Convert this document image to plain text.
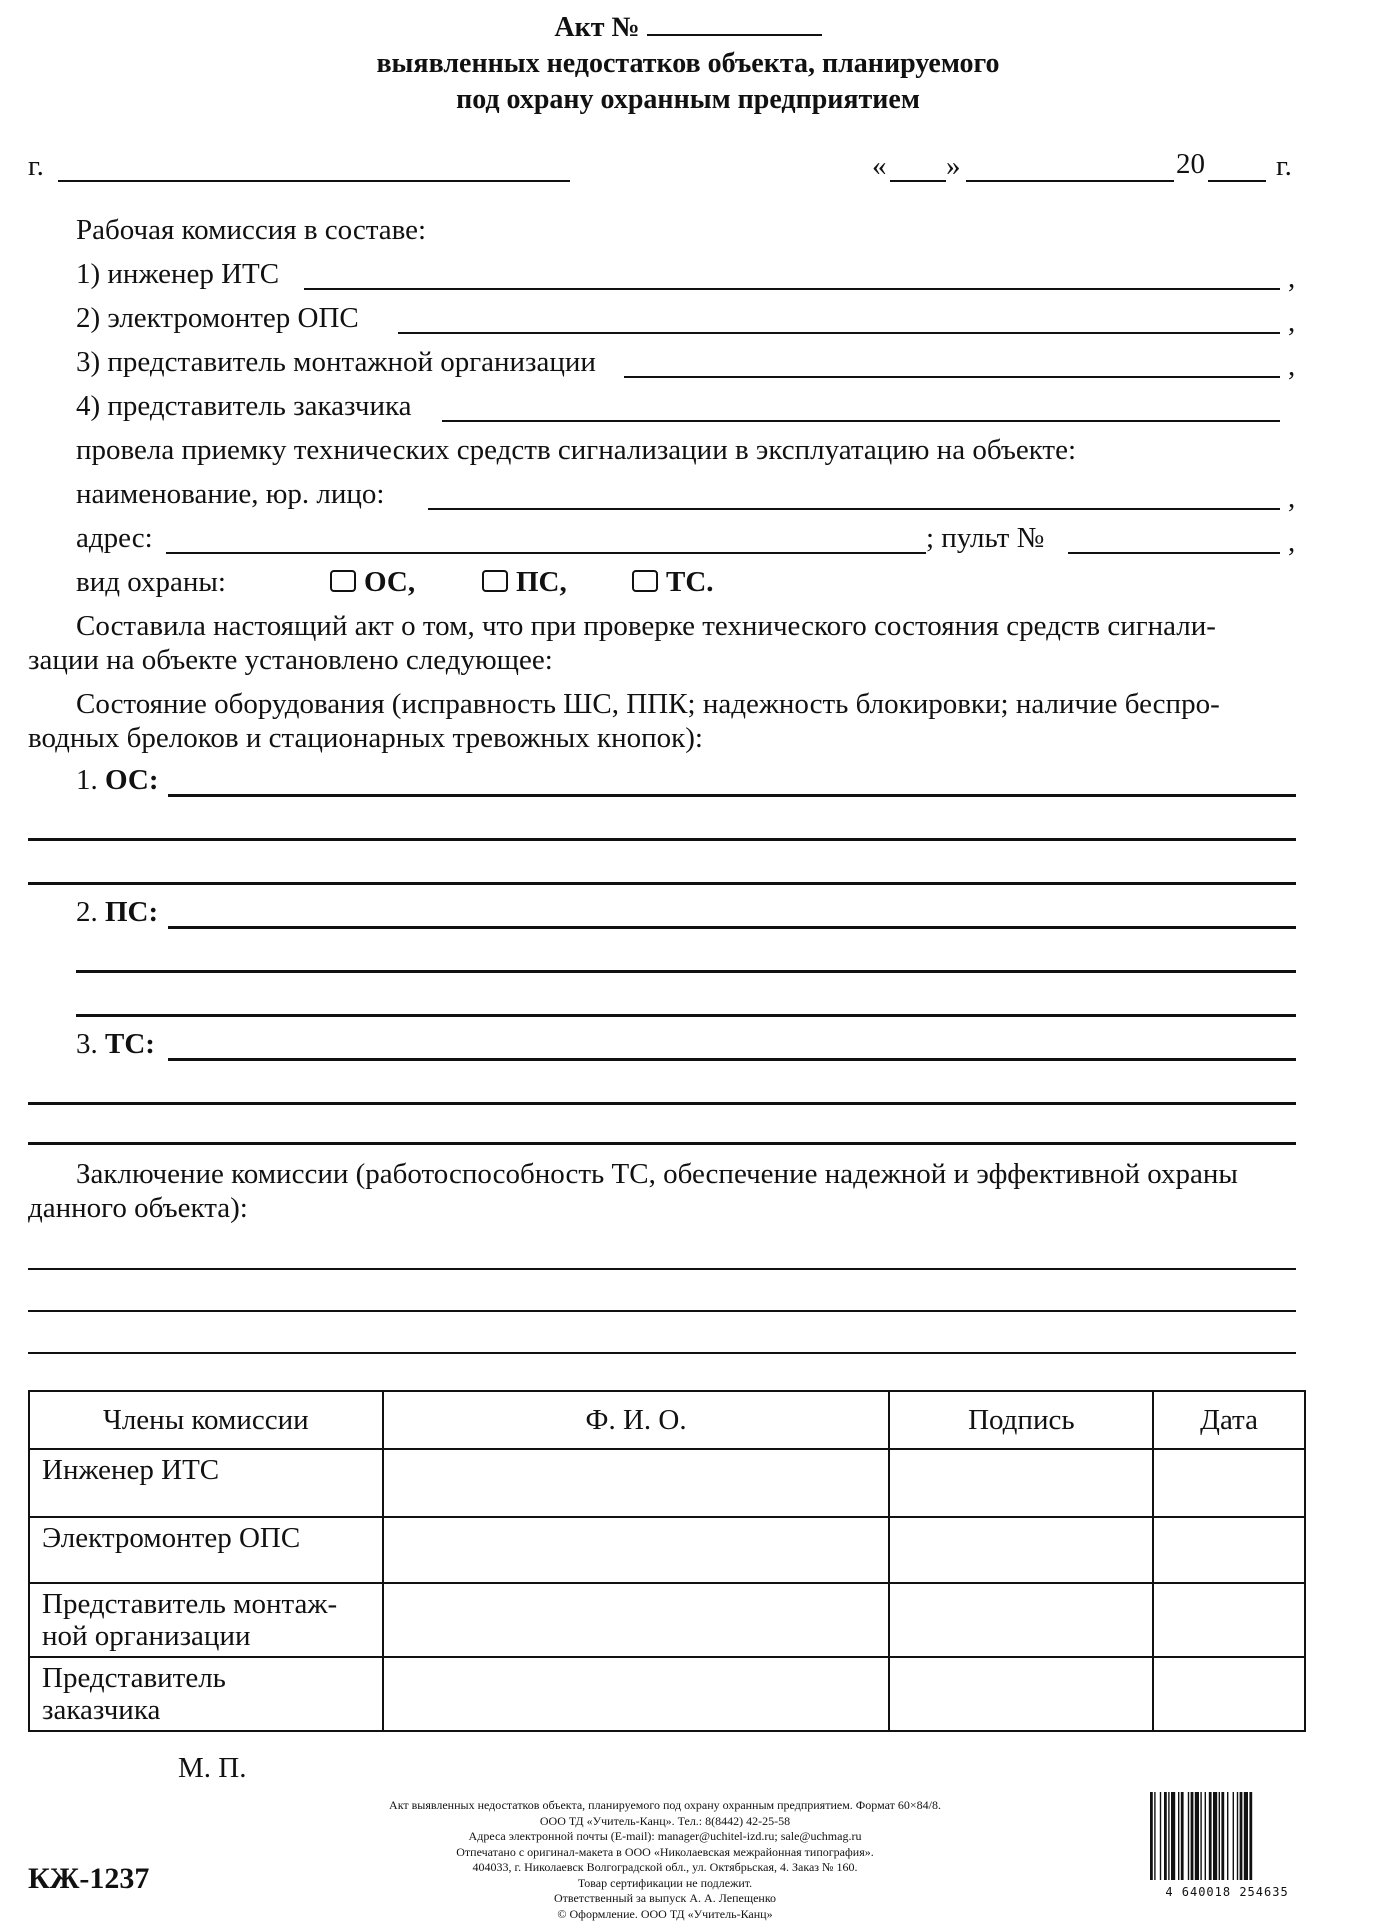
Акт №
выявленных недостатков объекта, планируемого
под охрану охранным предприятием
г.	« »	20 г.
Рабочая комиссия в составе:
1) инженер ИТС	,
2) электромонтер ОПС	,
3) представитель монтажной организации	,
4) представитель заказчика
провела приемку технических средств сигнализации в эксплуатацию на объекте:
наименование, юр. лицо:	,
адрес:	; пульт №	,
вид охраны:	ОС,	ПС,	ТС.
Составила настоящий акт о том, что при проверке технического состояния средств сигнали-
зации на объекте установлено следующее:
Состояние оборудования (исправность ШС, ППК; надежность блокировки; наличие беспро-
водных брелоков и стационарных тревожных кнопок):
1. ОС:
2. ПС:
3. ТС:
Заключение комиссии (работоспособность ТС, обеспечение надежной и эффективной охраны
данного объекта):
Члены комиссии	Ф. И. О.	Подпись	Дата

Инженер ИТС			

Электромонтер ОПС			

Представитель монтаж-
ной организации			

Представитель
заказчика			

М. П.
КЖ-1237
Акт выявленных недостатков объекта, планируемого под охрану охранным предприятием. Формат 60×84/8.
ООО ТД «Учитель-Канц». Тел.: 8(8442) 42-25-58
Адреса электронной почты (E-mail): manager@uchitel-izd.ru; sale@uchmag.ru
Отпечатано с оригинал-макета в ООО «Николаевская межрайонная типография».
404033, г. Николаевск Волгоградской обл., ул. Октябрьская, 4. Заказ № 160.
Товар сертификации не подлежит.
Ответственный за выпуск А. А. Лепещенко
© Оформление. ООО ТД «Учитель-Канц»
4 640018 254635
